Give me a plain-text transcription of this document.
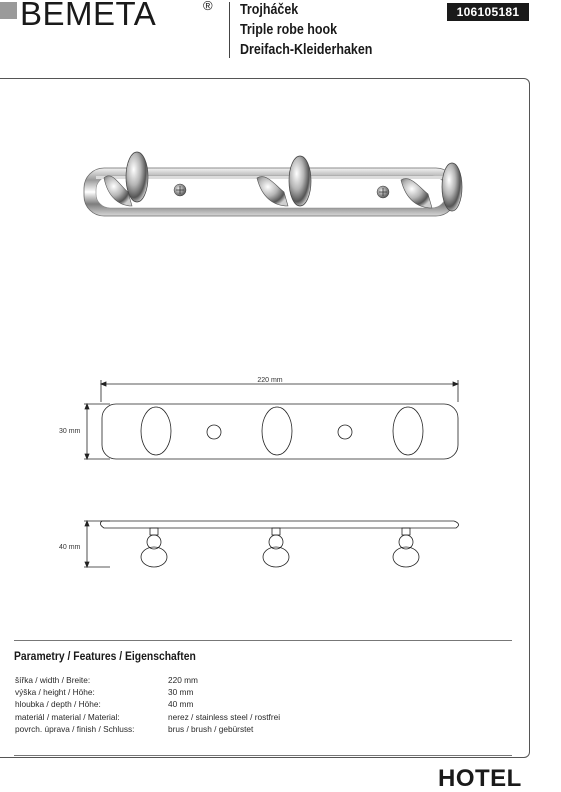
BEMETA	® Trojháček
Triple robe hook
Dreifach-Kleiderhaken
106105181
220 mm
30 mm
40 mm
Parametry / Features / Eigenschaften
šířka / width / Breite:	220 mm
výška / height / Höhe:	30 mm
hloubka / depth / Höhe:	40 mm
materiál / material / Material:	nerez / stainless steel / rostfrei
povrch. úprava / finish / Schluss:	brus / brush / gebürstet
HOTEL
